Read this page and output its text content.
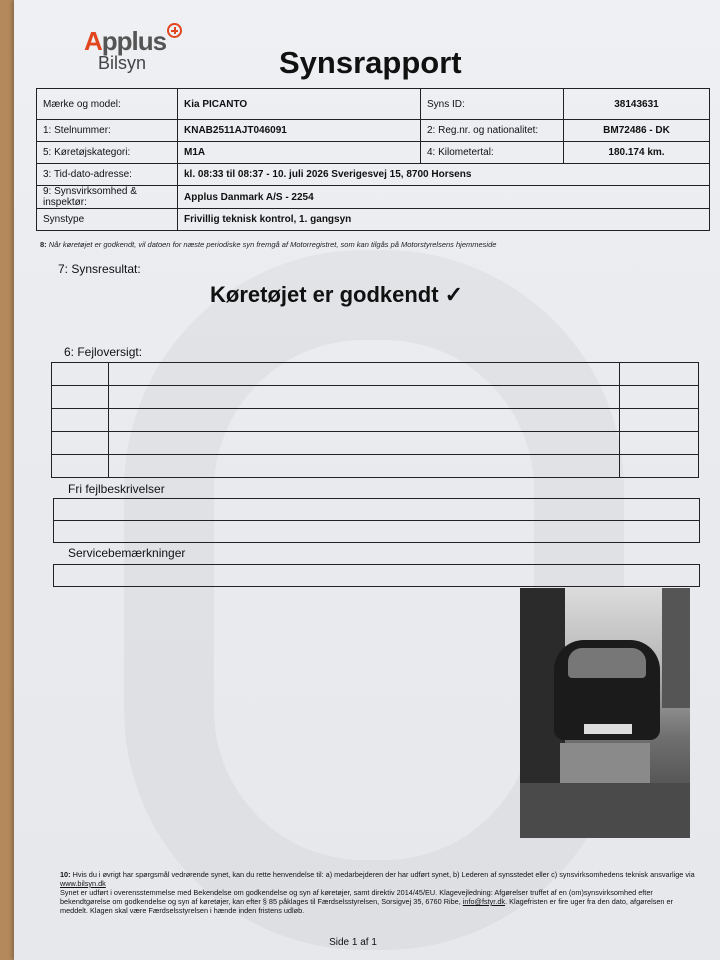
Applus
Bilsyn	Synsrapport
Mærke og model:	Kia PICANTO	Syns ID:	38143631
1: Stelnummer:	KNAB2511AJT046091	2: Reg.nr. og nationalitet:	BM72486 - DK
5: Køretøjskategori:	M1A	4: Kilometertal:	180.174 km.
3: Tid-dato-adresse:	kl. 08:33 til 08:37 - 10. juli 2026 Sverigesvej 15, 8700 Horsens		
9: Synsvirksomhed & inspektør:	Applus Danmark A/S - 2254		
Synstype	Frivillig teknisk kontrol, 1. gangsyn		
8: Når køretøjet er godkendt, vil datoen for næste periodiske syn fremgå af Motorregistret, som kan tilgås på Motorstyrelsens hjemmeside
7: Synsresultat:
Køretøjet er godkendt ✓
6: Fejloversigt:

Fri fejlbeskrivelser
Servicebemærkninger
10: Hvis du i øvrigt har spørgsmål vedrørende synet, kan du rette henvendelse til: a) medarbejderen der har udført synet, b) Lederen af synsstedet eller c) synsvirksomhedens teknisk ansvarlige via www.bilsyn.dk
Synet er udført i overensstemmelse med Bekendelse om godkendelse og syn af køretøjer, samt direktiv 2014/45/EU. Klagevejledning: Afgørelser truffet af en (om)synsvirksomhed efter bekendtgørelse om godkendelse og syn af køretøjer, kan efter § 85 påklages til Færdselsstyrelsen, Sorsigvej 35, 6760 Ribe, info@fstyr.dk. Klagefristen er fire uger fra den dato, afgørelsen er meddelt. Klagen skal være Færdselsstyrelsen i hænde inden fristens udløb.
Side 1 af 1
